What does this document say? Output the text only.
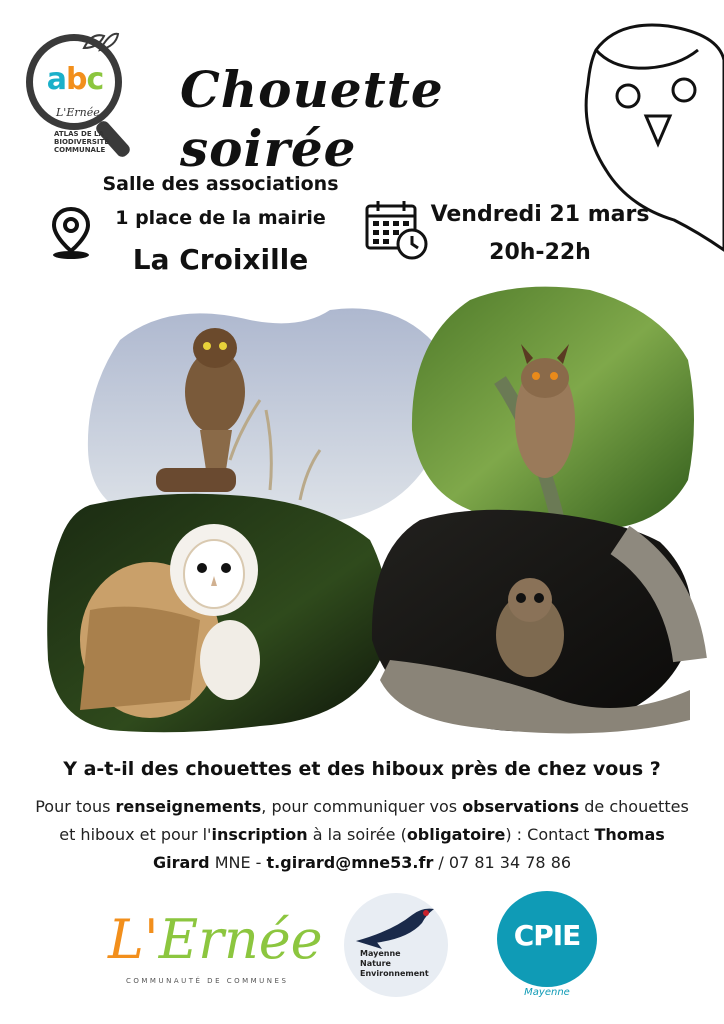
abc
L'Ernée
ATLAS DE LA
BIODIVERSITÉ
COMMUNALE
Chouette soirée
Salle des associations
1 place de la mairie
La Croixille
Vendredi 21 mars
20h-22h
Y a-t-il des chouettes et des hiboux près de chez vous ?
Pour tous renseignements, pour communiquer vos observations de chouettes et hiboux et pour l'inscription à la soirée (obligatoire) : Contact Thomas Girard MNE - t.girard@mne53.fr / 07 81 34 78 86
L'Ernée
COMMUNAUTÉ DE COMMUNES
Mayenne
Nature
Environnement
CPIE
Mayenne
